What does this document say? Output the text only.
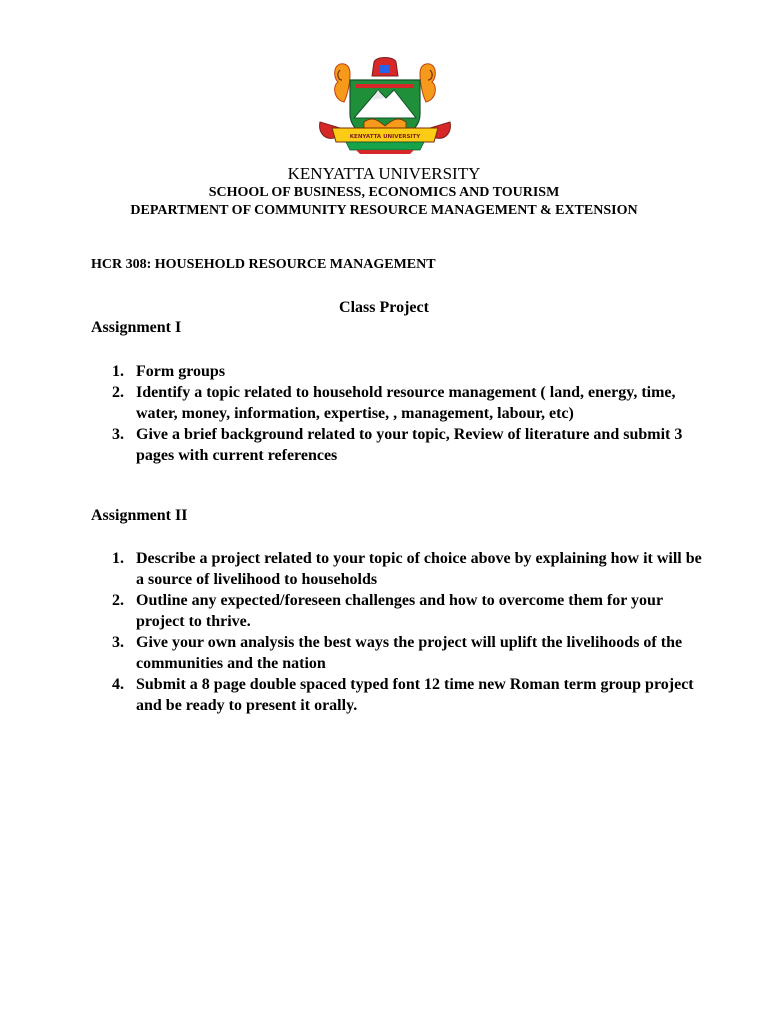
KENYATTA UNIVERSITY
KENYATTA UNIVERSITY
SCHOOL OF BUSINESS, ECONOMICS AND TOURISM
DEPARTMENT OF COMMUNITY RESOURCE MANAGEMENT & EXTENSION
HCR 308: HOUSEHOLD RESOURCE MANAGEMENT
Class Project
Assignment I
1. Form groups
2. Identify a topic related to household resource management ( land, energy, time, water, money, information, expertise, , management, labour, etc)
3. Give a brief background related to your topic, Review of literature and submit 3 pages with current references
Assignment II
1. Describe a project related to your topic of choice above by explaining how it will be a source of livelihood to households
2. Outline any expected/foreseen challenges and how to overcome them for your project to thrive.
3. Give your own analysis the best ways the project will uplift the livelihoods of the communities and the nation
4. Submit a 8 page double spaced typed font 12 time new Roman term group project and be ready to present it orally.
